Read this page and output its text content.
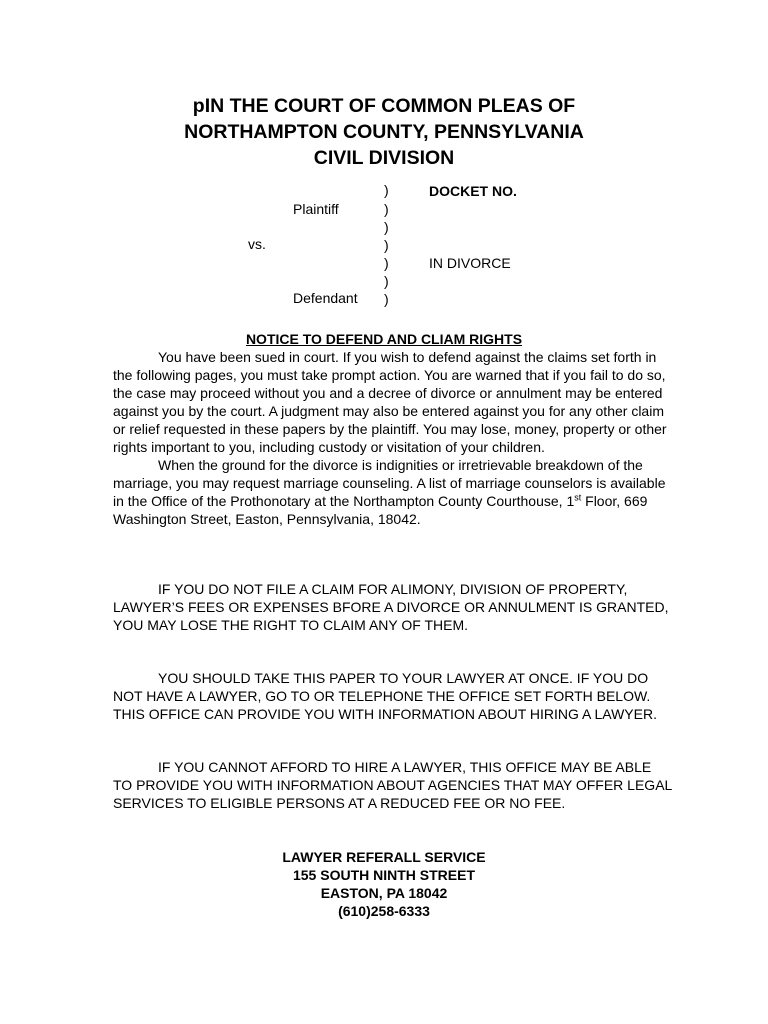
pIN THE COURT OF COMMON PLEAS OF
NORTHAMPTON COUNTY, PENNSYLVANIA
CIVIL DIVISION
)
)
)
)
)
)
)
DOCKET NO.
Plaintiff
vs.
IN DIVORCE
Defendant
NOTICE TO DEFEND AND CLIAM RIGHTS

You have been sued in court. If you wish to defend against the claims set forth in the following pages, you must take prompt action. You are warned that if you fail to do so, the case may proceed without you and a decree of divorce or annulment may be entered against you by the court. A judgment may also be entered against you for any other claim or relief requested in these papers by the plaintiff. You may lose, money, property or other rights important to you, including custody or visitation of your children.

When the ground for the divorce is indignities or irretrievable breakdown of the marriage, you may request marriage counseling. A list of marriage counselors is available in the Office of the Prothonotary at the Northampton County Courthouse, 1st Floor, 669 Washington Street, Easton, Pennsylvania, 18042.

IF YOU DO NOT FILE A CLAIM FOR ALIMONY, DIVISION OF PROPERTY, LAWYER’S FEES OR EXPENSES BFORE A DIVORCE OR ANNULMENT IS GRANTED, YOU MAY LOSE THE RIGHT TO CLAIM ANY OF THEM.

YOU SHOULD TAKE THIS PAPER TO YOUR LAWYER AT ONCE. IF YOU DO NOT HAVE A LAWYER, GO TO OR TELEPHONE THE OFFICE SET FORTH BELOW. THIS OFFICE CAN PROVIDE YOU WITH INFORMATION ABOUT HIRING A LAWYER.

IF YOU CANNOT AFFORD TO HIRE A LAWYER, THIS OFFICE MAY BE ABLE TO PROVIDE YOU WITH INFORMATION ABOUT AGENCIES THAT MAY OFFER LEGAL SERVICES TO ELIGIBLE PERSONS AT A REDUCED FEE OR NO FEE.

LAWYER REFERALL SERVICE
155 SOUTH NINTH STREET
EASTON, PA 18042
(610)258-6333
